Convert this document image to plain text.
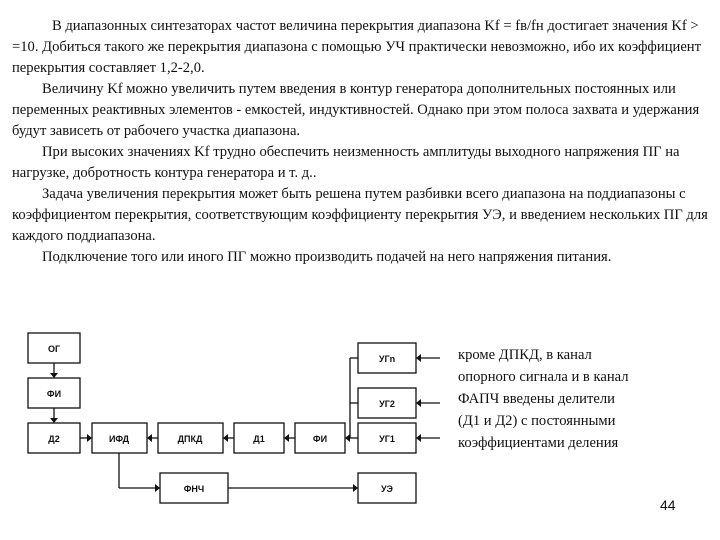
В диапазонных синтезаторах частот величина перекрытия диапазона Kf = fв/fн достигает значения Kf > =10. Добиться такого же перекрытия диапазона с помощью УЧ практически невозможно, ибо их коэффициент перекрытия составляет 1,2-2,0.

Величину Kf можно увеличить путем введения в контур генератора дополнительных постоянных или переменных реактивных элементов - емкостей, индуктивностей. Однако при этом полоса захвата и удержания будут зависеть от рабочего участка диапазона.

При высоких значениях Kf трудно обеспечить неизменность амплитуды выходного напряжения ПГ на нагрузке, добротность контура генератора и т. д..

Задача увеличения перекрытия может быть решена путем разбивки всего диапазона на поддиапазоны с коэффициентом перекрытия, соответствующим коэффициенту перекрытия УЭ, и введением нескольких ПГ для каждого поддиапазона.

Подключение того или иного ПГ можно производить подачей на него напряжения питания.

ОГ
ФИ
Д2	ИФД	ДПКД	Д1	ФИ
УГn
УГ2
УГ1
ФНЧ	УЭ
кроме ДПКД, в канал
опорного сигнала и в канал
ФАПЧ введены делители
(Д1 и Д2) с постоянными
коэффициентами деления
44
